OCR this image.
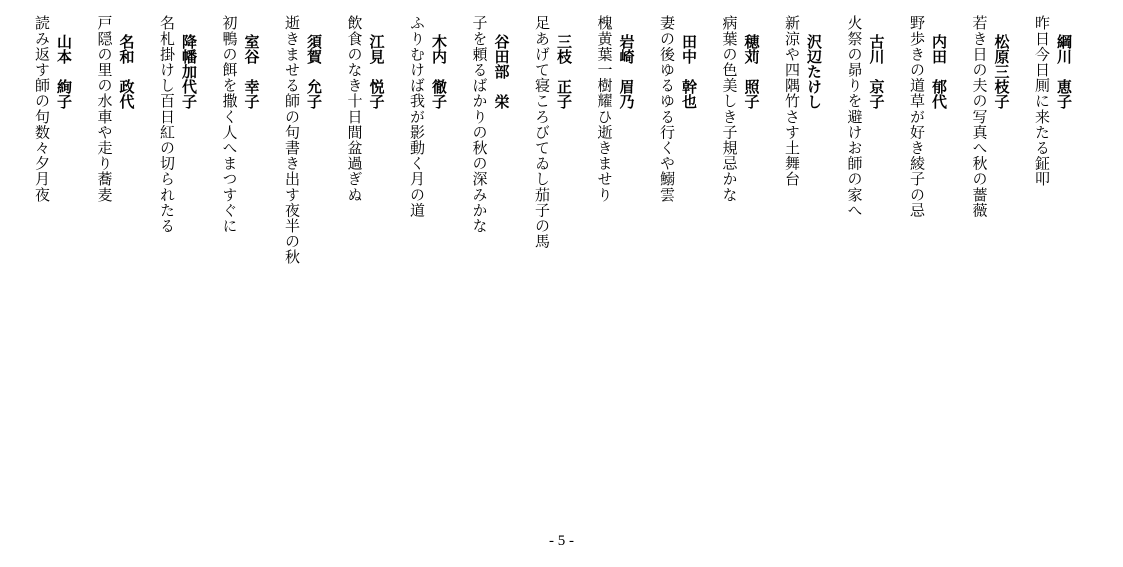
綱川　恵子
昨日今日厠に来たる鉦叩
松原三枝子
若き日の夫の写真へ秋の薔薇
内田　郁代
野歩きの道草が好き綾子の忌
古川　京子
火祭の昴りを避けお師の家へ
沢辺たけし
新涼や四隅竹さす土舞台
穂苅　照子
病葉の色美しき子規忌かな
田中　幹也
妻の後ゆるゆる行くや鰯雲
岩崎　眉乃
槐黄葉一樹耀ひ逝きませり
三枝　正子
足あげて寝ころびてゐし茄子の馬
谷田部　栄
子を頼るばかりの秋の深みかな
木内　徹子
ふりむけば我が影動く月の道
江見　悦子
飲食のなき十日間盆過ぎぬ
須賀　允子
逝きませる師の句書き出す夜半の秋
室谷　幸子
初鴨の餌を撒く人へまつすぐに
降幡加代子
名札掛けし百日紅の切られたる
名和　政代
戸隠の里の水車や走り蕎麦
山本　絢子
読み返す師の句数々夕月夜
- 5 -
